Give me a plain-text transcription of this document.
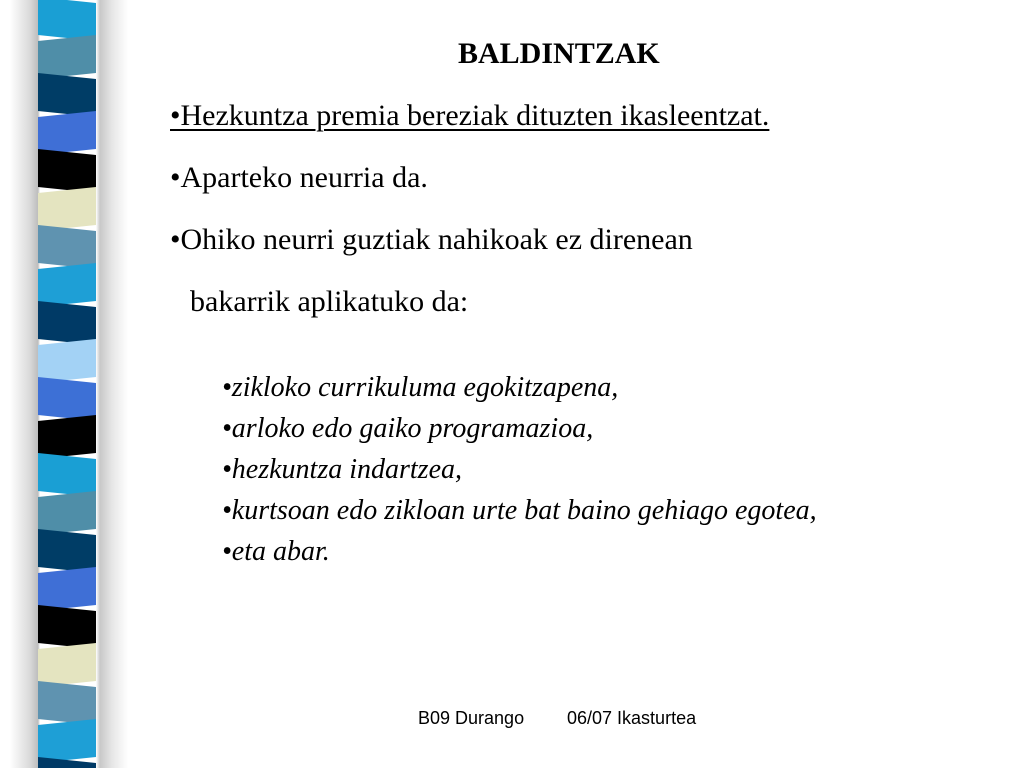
BALDINTZAK
•Hezkuntza premia bereziak dituzten ikasleentzat.
•Aparteko neurria da.
•Ohiko neurri guztiak nahikoak ez direnean
bakarrik aplikatuko da:
•zikloko currikuluma egokitzapena,
•arloko edo gaiko programazioa,
•hezkuntza indartzea,
•kurtsoan edo zikloan urte bat baino gehiago egotea,
•eta abar.
B09 Durango 06/07 Ikasturtea
